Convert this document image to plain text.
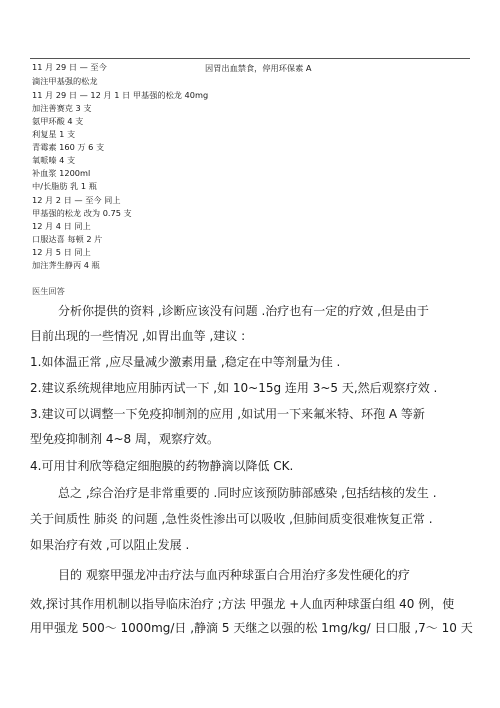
因胃出血禁食，停用环保素 A
11 月 29 日 — 至今
滴注甲基强的松龙
11 月 29 日 — 12 月 1 日 甲基强的松龙 40mg
加注善赛克 3 支
氨甲环酸 4 支
利复星 1 支
青霉素 160 万 6 支
氧哌嗪 4 支
补血浆 1200ml
中/长脂肪 乳 1 瓶
12 月 2 日 — 至今 同上
甲基强的松龙 改为 0.75 支
12 月 4 日 同上
口服达喜 每顿 2 片
12 月 5 日 同上
加注荠生静丙 4 瓶
医生回答
分析你提供的资料 ,诊断应该没有问题 .治疗也有一定的疗效 ,但是由于
目前出现的一些情况 ,如胃出血等 ,建议 :
1.如体温正常 ,应尽量减少激素用量 ,稳定在中等剂量为佳 .
2.建议系统规律地应用肺丙试一下 ,如 10~15g 连用 3~5 天,然后观察疗效 .
3.建议可以调整一下免疫抑制剂的应用 ,如试用一下来氟米特、环孢 A 等新
型免疫抑制剂 4~8 周，观察疗效。
4.可用甘利欣等稳定细胞膜的药物静滴以降低 CK.
总之 ,综合治疗是非常重要的 .同时应该预防肺部感染 ,包括结核的发生 .
关于间质性 肺炎 的问题 ,急性炎性渗出可以吸收 ,但肺间质变很难恢复正常 .
如果治疗有效 ,可以阻止发展 .
目的 观察甲强龙冲击疗法与血丙种球蛋白合用治疗多发性硬化的疗
效,探讨其作用机制以指导临床治疗 ;方法 甲强龙 +人血丙种球蛋白组 40 例，使
用甲强龙 500～ 1000mg/日 ,静滴 5 天继之以强的松 1mg/kg/ 日口服 ,7～ 10 天
